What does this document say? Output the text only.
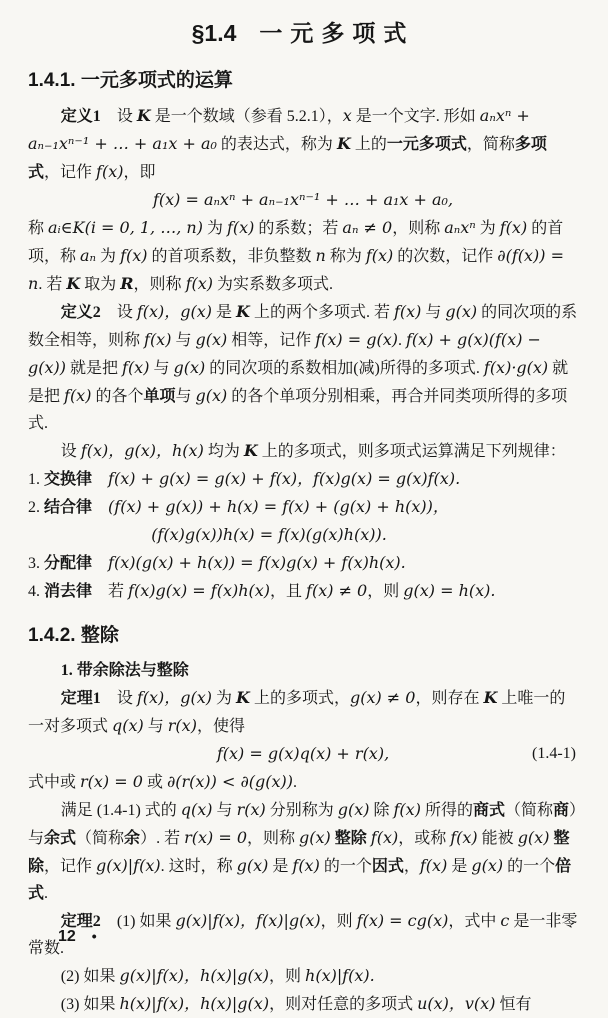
§1.4　 一元多项式
1.4.1. 一元多项式的运算
定义1　设 K 是一个数域（参看 5.2.1），x 是一个文字. 形如 aₙxⁿ + aₙ₋₁xⁿ⁻¹ + … + a₁x + a₀ 的表达式，称为 K 上的一元多项式，简称多项式，记作 f(x)，即
f(x) = aₙxⁿ + aₙ₋₁xⁿ⁻¹ + … + a₁x + a₀,
称 aᵢ∈K(i = 0, 1, …, n) 为 f(x) 的系数；若 aₙ ≠ 0，则称 aₙxⁿ 为 f(x) 的首项，称 aₙ 为 f(x) 的首项系数，非负整数 n 称为 f(x) 的次数，记作 ∂(f(x)) = n. 若 K 取为 R，则称 f(x) 为实系数多项式.
定义2　设 f(x)，g(x) 是 K 上的两个多项式. 若 f(x) 与 g(x) 的同次项的系数全相等，则称 f(x) 与 g(x) 相等，记作 f(x) = g(x). f(x) + g(x)(f(x) − g(x)) 就是把 f(x) 与 g(x) 的同次项的系数相加(减)所得的多项式. f(x)·g(x) 就是把 f(x) 的各个单项与 g(x) 的各个单项分别相乘，再合并同类项所得的多项式.
设 f(x)，g(x)，h(x) 均为 K 上的多项式，则多项式运算满足下列规律：
1. 交换律　 f(x) + g(x) = g(x) + f(x)，f(x)g(x) = g(x)f(x).
2. 结合律　 (f(x) + g(x)) + h(x) = f(x) + (g(x) + h(x))，
(f(x)g(x))h(x) = f(x)(g(x)h(x)).
3. 分配律　 f(x)(g(x) + h(x)) = f(x)g(x) + f(x)h(x).
4. 消去律　若 f(x)g(x) = f(x)h(x)，且 f(x) ≠ 0，则 g(x) = h(x).
1.4.2. 整除
1. 带余除法与整除
定理1　设 f(x)，g(x) 为 K 上的多项式，g(x) ≠ 0，则存在 K 上唯一的一对多项式 q(x) 与 r(x)，使得
f(x) = g(x)q(x) + r(x),	(1.4-1)
式中或 r(x) = 0 或 ∂(r(x)) < ∂(g(x)).
满足 (1.4-1) 式的 q(x) 与 r(x) 分别称为 g(x) 除 f(x) 所得的商式（简称商）与余式（简称余）. 若 r(x) = 0，则称 g(x) 整除 f(x)，或称 f(x) 能被 g(x) 整除，记作 g(x)|f(x). 这时，称 g(x) 是 f(x) 的一个因式，f(x) 是 g(x) 的一个倍式.
定理2　(1) 如果 g(x)|f(x)，f(x)|g(x)，则 f(x) = cg(x)，式中 c 是一非零常数.
(2) 如果 g(x)|f(x)，h(x)|g(x)，则 h(x)|f(x).
(3) 如果 h(x)|f(x)，h(x)|g(x)，则对任意的多项式 u(x)，v(x) 恒有
12 •
